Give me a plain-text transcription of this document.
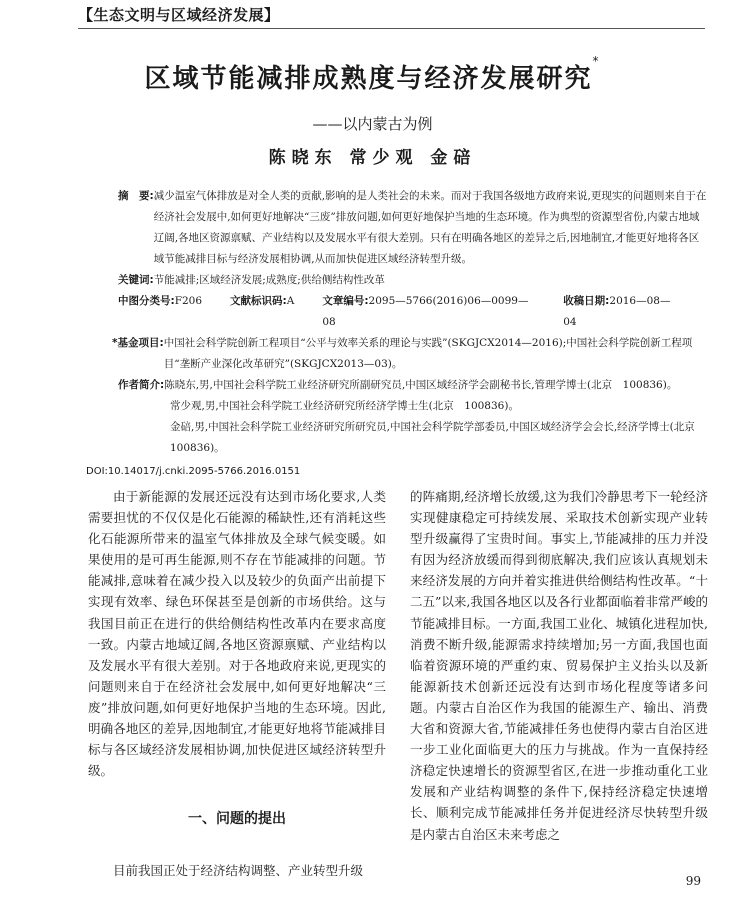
【生态文明与区域经济发展】
区域节能减排成熟度与经济发展研究*
——以内蒙古为例
陈晓东 常少观 金碚
摘　要: 减少温室气体排放是对全人类的贡献,影响的是人类社会的未来。而对于我国各级地方政府来说,更现实的问题则来自于在经济社会发展中,如何更好地解决“三废”排放问题,如何更好地保护当地的生态环境。作为典型的资源型省份,内蒙古地域辽阔,各地区资源禀赋、产业结构以及发展水平有很大差别。只有在明确各地区的差异之后,因地制宜,才能更好地将各区域节能减排目标与经济发展相协调,从而加快促进区域经济转型升级。
关键词: 节能减排;区域经济发展;成熟度;供给侧结构性改革
中图分类号:F206	文献标识码:A	文章编号:2095—5766(2016)06—0099—08
收稿日期:2016—08—04
*基金项目: 中国社会科学院创新工程项目“公平与效率关系的理论与实践”(SKGJCX2014—2016);中国社会科学院创新工程项目“垄断产业深化改革研究”(SKGJCX2013—03)。
作者简介: 陈晓东,男,中国社会科学院工业经济研究所副研究员,中国区域经济学会副秘书长,管理学博士(北京　100836)。
常少观,男,中国社会科学院工业经济研究所经济学博士生(北京　100836)。
金碚,男,中国社会科学院工业经济研究所研究员,中国社会科学院学部委员,中国区域经济学会会长,经济学博士(北京　100836)。
DOI:10.14017/j.cnki.2095-5766.2016.0151

由于新能源的发展还远没有达到市场化要求,人类需要担忧的不仅仅是化石能源的稀缺性,还有消耗这些化石能源所带来的温室气体排放及全球气候变暖。如果使用的是可再生能源,则不存在节能减排的问题。节能减排,意味着在减少投入以及较少的负面产出前提下实现有效率、绿色环保甚至是创新的市场供给。这与我国目前正在进行的供给侧结构性改革内在要求高度一致。内蒙古地域辽阔,各地区资源禀赋、产业结构以及发展水平有很大差别。对于各地政府来说,更现实的问题则来自于在经济社会发展中,如何更好地解决“三废”排放问题,如何更好地保护当地的生态环境。因此,明确各地区的差异,因地制宜,才能更好地将节能减排目标与各区域经济发展相协调,加快促进区域经济转型升级。

一、问题的提出

目前我国正处于经济结构调整、产业转型升级

的阵痛期,经济增长放缓,这为我们冷静思考下一轮经济实现健康稳定可持续发展、采取技术创新实现产业转型升级赢得了宝贵时间。事实上,节能减排的压力并没有因为经济放缓而得到彻底解决,我们应该认真规划未来经济发展的方向并着实推进供给侧结构性改革。“十二五”以来,我国各地区以及各行业都面临着非常严峻的节能减排目标。一方面,我国工业化、城镇化进程加快,消费不断升级,能源需求持续增加;另一方面,我国也面临着资源环境的严重约束、贸易保护主义抬头以及新能源新技术创新还远没有达到市场化程度等诸多问题。内蒙古自治区作为我国的能源生产、输出、消费大省和资源大省,节能减排任务也使得内蒙古自治区进一步工业化面临更大的压力与挑战。作为一直保持经济稳定快速增长的资源型省区,在进一步推动重化工业发展和产业结构调整的条件下,保持经济稳定快速增长、顺利完成节能减排任务并促进经济尽快转型升级是内蒙古自治区未来考虑之

99
